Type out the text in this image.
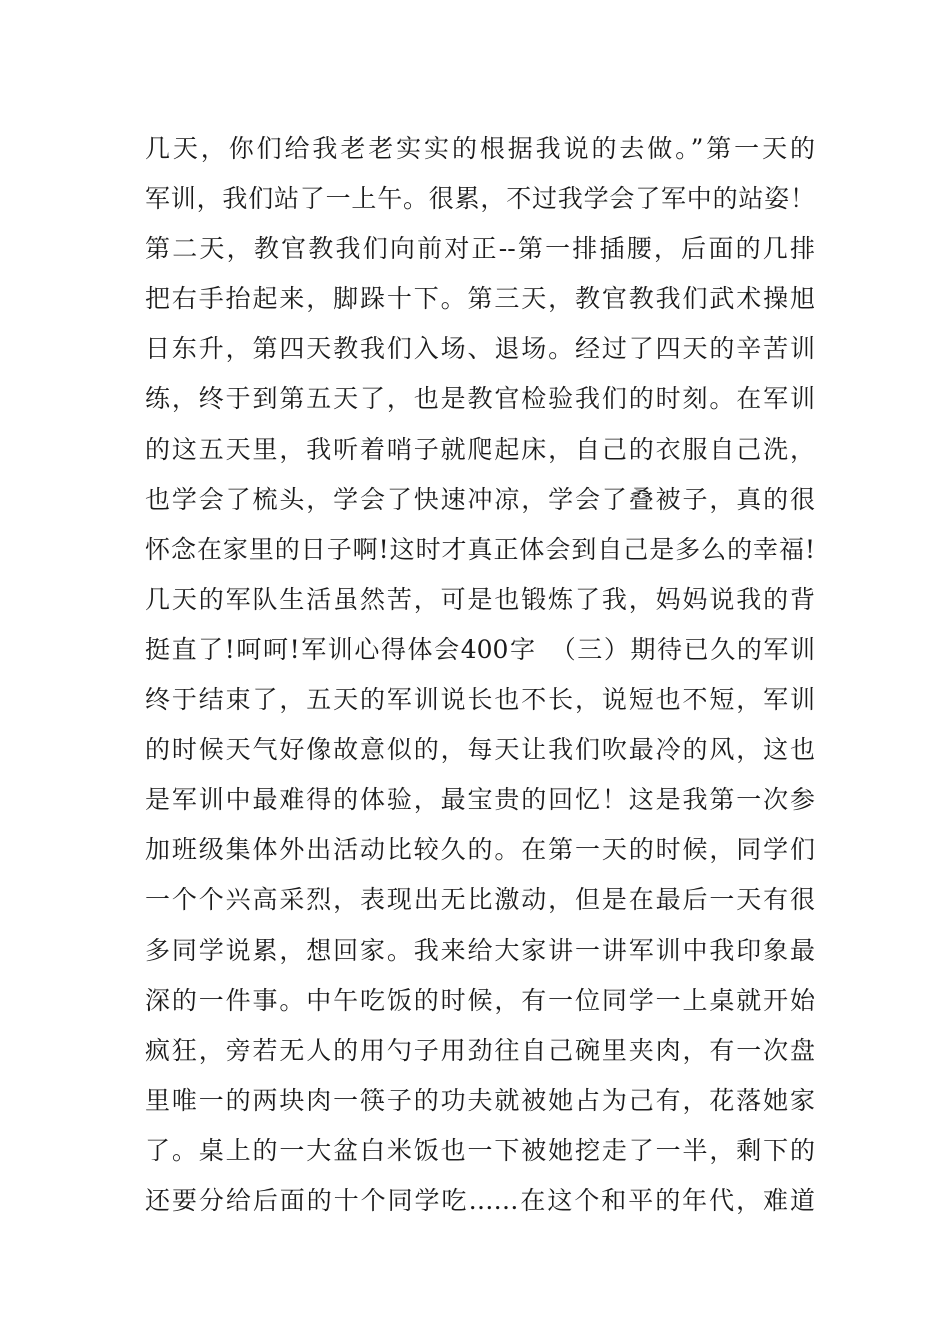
几天，你们给我老老实实的根据我说的去做。”第一天的
军训，我们站了一上午。很累，不过我学会了军中的站姿！
第二天，教官教我们向前对正--第一排插腰，后面的几排
把右手抬起来，脚跺十下。第三天，教官教我们武术操旭
日东升，第四天教我们入场、退场。经过了四天的辛苦训
练，终于到第五天了，也是教官检验我们的时刻。在军训
的这五天里，我听着哨子就爬起床，自己的衣服自己洗，
也学会了梳头，学会了快速冲凉，学会了叠被子，真的很
怀念在家里的日子啊!这时才真正体会到自己是多么的幸福!
几天的军队生活虽然苦，可是也锻炼了我，妈妈说我的背
挺直了!呵呵!军训心得体会400字　（三）期待已久的军训
终于结束了，五天的军训说长也不长，说短也不短，军训
的时候天气好像故意似的，每天让我们吹最冷的风，这也
是军训中最难得的体验，最宝贵的回忆！这是我第一次参
加班级集体外出活动比较久的。在第一天的时候，同学们
一个个兴高采烈，表现出无比激动，但是在最后一天有很
多同学说累，想回家。我来给大家讲一讲军训中我印象最
深的一件事。中午吃饭的时候，有一位同学一上桌就开始
疯狂，旁若无人的用勺子用劲往自己碗里夹肉，有一次盘
里唯一的两块肉一筷子的功夫就被她占为己有，花落她家
了。桌上的一大盆白米饭也一下被她挖走了一半，剩下的
还要分给后面的十个同学吃……在这个和平的年代，难道
